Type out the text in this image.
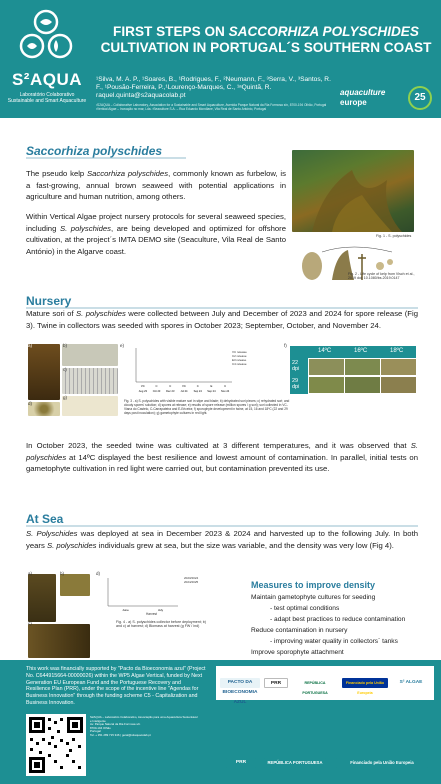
S²AQUA
Laboratório Colaborativo
Sustainable and Smart Aquaculture
FIRST STEPS ON SACCORHIZA POLYSCHIDES
CULTIVATION IN PORTUGAL´S SOUTHERN COAST
¹Silva, M. A. P., ¹Soares, B., ¹Rodrigues, F., ²Neumann, F., ³Serra, V., ³Santos, R. F., ¹Pousão-Ferreira, P.,¹Lourenço-Marques, C., ¹ᵃQuintã, R.
raquel.quinta@s2aquacolab.pt
¹S2AQUA – Collaborative Laboratory, Association for a Sustainable and Smart Aquaculture, Avenida Parque Natural da Ria Formosa s/n, 8700-194 Olhão, Portugal ²Vertical Algae – Inovação no mar, Lda. ³Seaculture S.A. – Rua Eduardo Mondlane, Vila Real de Santo António, Portugal
aquaculture
europe	25
Saccorhiza polyschides
The pseudo kelp Saccorhiza polyschides, commonly known as furbelow, is a fast-growing, annual brown seaweed with potential applications in agriculture and human nutrition, among others.
Within Vertical Algae project nursery protocols for several seaweed species, including S. polyschides, are being developed and optimized for offshore cultivation, at the project´s IMTA DEMO site (Seaculture, Vila Real de Santo António) in the Algarve coast.
Fig. 1 - S. polyschides
Fig. 2 - Life cycle of kelp from Visch et al., 2019 doi: 10.1080/bs.2019.0147
Nursery
Mature sori of S. polyschides were collected between July and December of 2023 and 2024 for spore release (Fig 3). Twine in collectors was seeded with spores in October 2023; September, October, and November 24.
a)	b)
c)
d)
e)	f)
g)
VC
Aug 23
C
Oct 23
C
Dec 23
VC
Jul 24
C
Sep 24
E
Sep 24
C
Nov 24
VC release
C2 release
E3 release
C4 release
14ºC	16ºC	18ºC
22
dpi
29
dpi
Fig. 3 - a) S. polyschides with visible mature sori in stipe and blade; b) dehydrated sori pieces; c) rehydrated sori; and cloudy spores' solution; d) spores at release; e) results of spore release (million spores / g sori); sori collected in VC-Viana do Castelo, C-Carrapateira and E-Ericeira; f) sporophyte development in twine, at 15, 16 and 18ºC (22 and 29 days post inoculation); g) gametophyte cultures in red light.
In October 2023, the seeded twine was cultivated at 3 different temperatures, and it was observed that S. polyschides at 14ºC displayed the best resilience and lowest amount of contamination. In parallel, initial tests on gametophyte cultivation in red light were carried out, but contamination prevented its use.
At Sea
S. Polyschides was deployed at sea in December 2023 & 2024 and harvested up to the following July. In both years S. polyschides individuals grew at sea, but the size was variable, and the density was very low (Fig 4).
a)	b)
c)
d)
June	July
2023/2024
2024/2025
Harvest
Fig. 4 - a) S. polyschides collector before deployment; b) and c) at harvest; d) Biomass at harvest (g FW / ind)
Measures to improve density
Maintain gametophyte cultures for seeding
- test optimal conditions
- adapt best practices to reduce contamination
Reduce contamination in nursery
- improving water quality in collectors´ tanks
Improve sporophyte attachment
This work was financially supported by "Pacto da Bioeconomia azul" (Project No. C644915664-00000026) within the WP5 Algae Vertical, funded by Next Generation EU European Fund and the Portuguese Recovery and Resilience Plan (PRR), under the scope of the incentive line "Agendas for Business Innovation" through the funding scheme C5 - Capitalization and Business Innovation.
PACTO DA BIOECONOMIA AZUL
PRR	REPÚBLICA PORTUGUESA
Financiado pela União Europeia
S² ALGAE
S2AQUA – Laboratório Colaborativo, Associação para uma Aquacultura Sustentável e Inteligente
Av. Parque Natural da Ria Formosa s/n
8700-194 Olhão
Portugal
Tel. + 351 289 715 346 | geral@s2aquacolab.pt
PRR	REPÚBLICA PORTUGUESA	Financiado pela União Europeia
